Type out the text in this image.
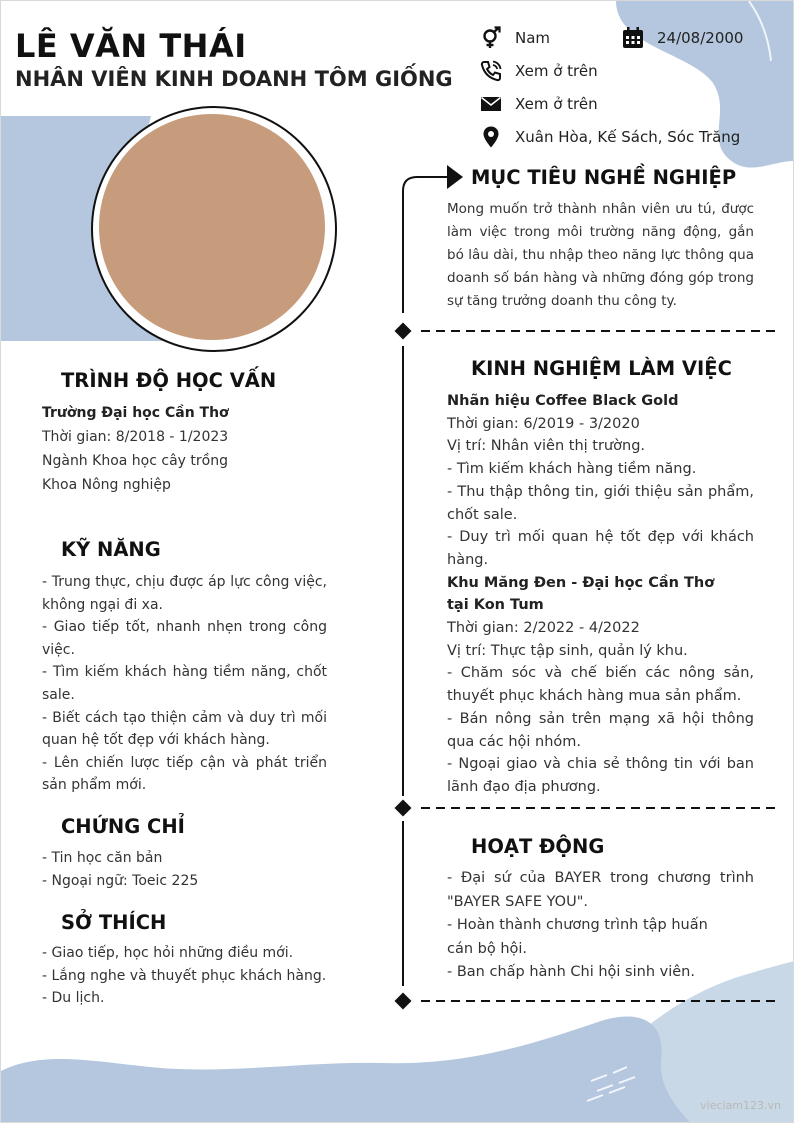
LÊ VĂN THÁI
NHÂN VIÊN KINH DOANH TÔM GIỐNG
Nam	24/08/2000
Xem ở trên
Xem ở trên
Xuân Hòa, Kế Sách, Sóc Trăng
TRÌNH ĐỘ HỌC VẤN

Trường Đại học Cần Thơ

Thời gian: 8/2018 - 1/2023

Ngành Khoa học cây trồng

Khoa Nông nghiệp

KỸ NĂNG

- Trung thực, chịu được áp lực công việc, không ngại đi xa.

- Giao tiếp tốt, nhanh nhẹn trong công việc.

- Tìm kiếm khách hàng tiềm năng, chốt sale.

- Biết cách tạo thiện cảm và duy trì mối quan hệ tốt đẹp với khách hàng.

- Lên chiến lược tiếp cận và phát triển sản phẩm mới.

CHỨNG CHỈ

- Tin học căn bản

- Ngoại ngữ: Toeic 225

SỞ THÍCH

- Giao tiếp, học hỏi những điều mới.

- Lắng nghe và thuyết phục khách hàng.

- Du lịch.

MỤC TIÊU NGHỀ NGHIỆP

Mong muốn trở thành nhân viên ưu tú, được làm việc trong môi trường năng động, gắn bó lâu dài, thu nhập theo năng lực thông qua doanh số bán hàng và những đóng góp trong sự tăng trưởng doanh thu công ty.

KINH NGHIỆM LÀM VIỆC

Nhãn hiệu Coffee Black Gold

Thời gian: 6/2019 - 3/2020

Vị trí: Nhân viên thị trường.

- Tìm kiếm khách hàng tiềm năng.

- Thu thập thông tin, giới thiệu sản phẩm, chốt sale.

- Duy trì mối quan hệ tốt đẹp với khách hàng.

Khu Măng Đen - Đại học Cần Thơ

tại Kon Tum

Thời gian: 2/2022 - 4/2022

Vị trí: Thực tập sinh, quản lý khu.

- Chăm sóc và chế biến các nông sản, thuyết phục khách hàng mua sản phẩm.

- Bán nông sản trên mạng xã hội thông qua các hội nhóm.

- Ngoại giao và chia sẻ thông tin với ban lãnh đạo địa phương.

HOẠT ĐỘNG

- Đại sứ của BAYER trong chương trình "BAYER SAFE YOU".

- Hoàn thành chương trình tập huấn

cán bộ hội.

- Ban chấp hành Chi hội sinh viên.

vieclam123.vn
